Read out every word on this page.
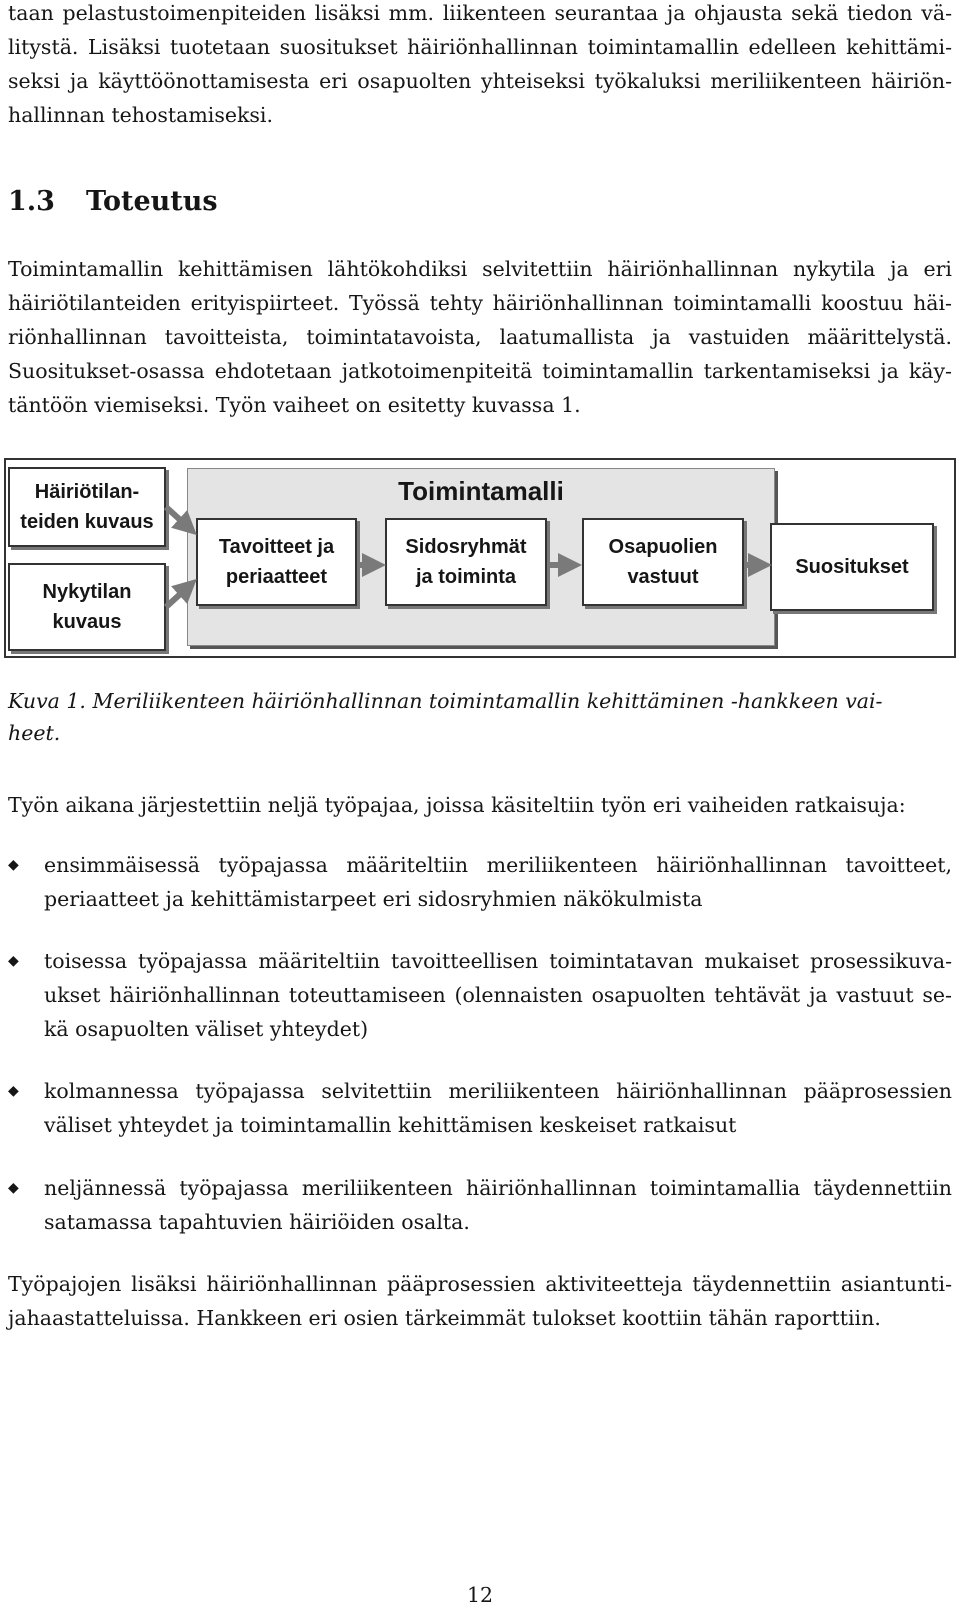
taan pelastustoimenpiteiden lisäksi mm. liikenteen seurantaa ja ohjausta sekä tiedon vä-
litystä. Lisäksi tuotetaan suositukset häiriönhallinnan toimintamallin edelleen kehittämi-
seksi ja käyttöönottamisesta eri osapuolten yhteiseksi työkaluksi meriliikenteen häiriön-
hallinnan tehostamiseksi.
1.3 Toteutus
Toimintamallin kehittämisen lähtökohdiksi selvitettiin häiriönhallinnan nykytila ja eri
häiriötilanteiden erityispiirteet. Työssä tehty häiriönhallinnan toimintamalli koostuu häi-
riönhallinnan tavoitteista, toimintatavoista, laatumallista ja vastuiden määrittelystä.
Suositukset-osassa ehdotetaan jatkotoimenpiteitä toimintamallin tarkentamiseksi ja käy-
täntöön viemiseksi. Työn vaiheet on esitetty kuvassa 1.
Toimintamalli
Häiriötilan-
teiden kuvaus
Nykytilan
kuvaus
Tavoitteet ja
periaatteet
Sidosryhmät
ja toiminta
Osapuolien
vastuut	Suositukset
Kuva 1. Meriliikenteen häiriönhallinnan toimintamallin kehittäminen -hankkeen vai-
heet.
Työn aikana järjestettiin neljä työpajaa, joissa käsiteltiin työn eri vaiheiden ratkaisuja:
◆	ensimmäisessä työpajassa määriteltiin meriliikenteen häiriönhallinnan tavoitteet,
periaatteet ja kehittämistarpeet eri sidosryhmien näkökulmista
◆	toisessa työpajassa määriteltiin tavoitteellisen toimintatavan mukaiset prosessikuva-
ukset häiriönhallinnan toteuttamiseen (olennaisten osapuolten tehtävät ja vastuut se-
kä osapuolten väliset yhteydet)
◆	kolmannessa työpajassa selvitettiin meriliikenteen häiriönhallinnan pääprosessien
väliset yhteydet ja toimintamallin kehittämisen keskeiset ratkaisut
◆	neljännessä työpajassa meriliikenteen häiriönhallinnan toimintamallia täydennettiin
satamassa tapahtuvien häiriöiden osalta.
Työpajojen lisäksi häiriönhallinnan pääprosessien aktiviteetteja täydennettiin asiantunti-
jahaastatteluissa. Hankkeen eri osien tärkeimmät tulokset koottiin tähän raporttiin.
12
